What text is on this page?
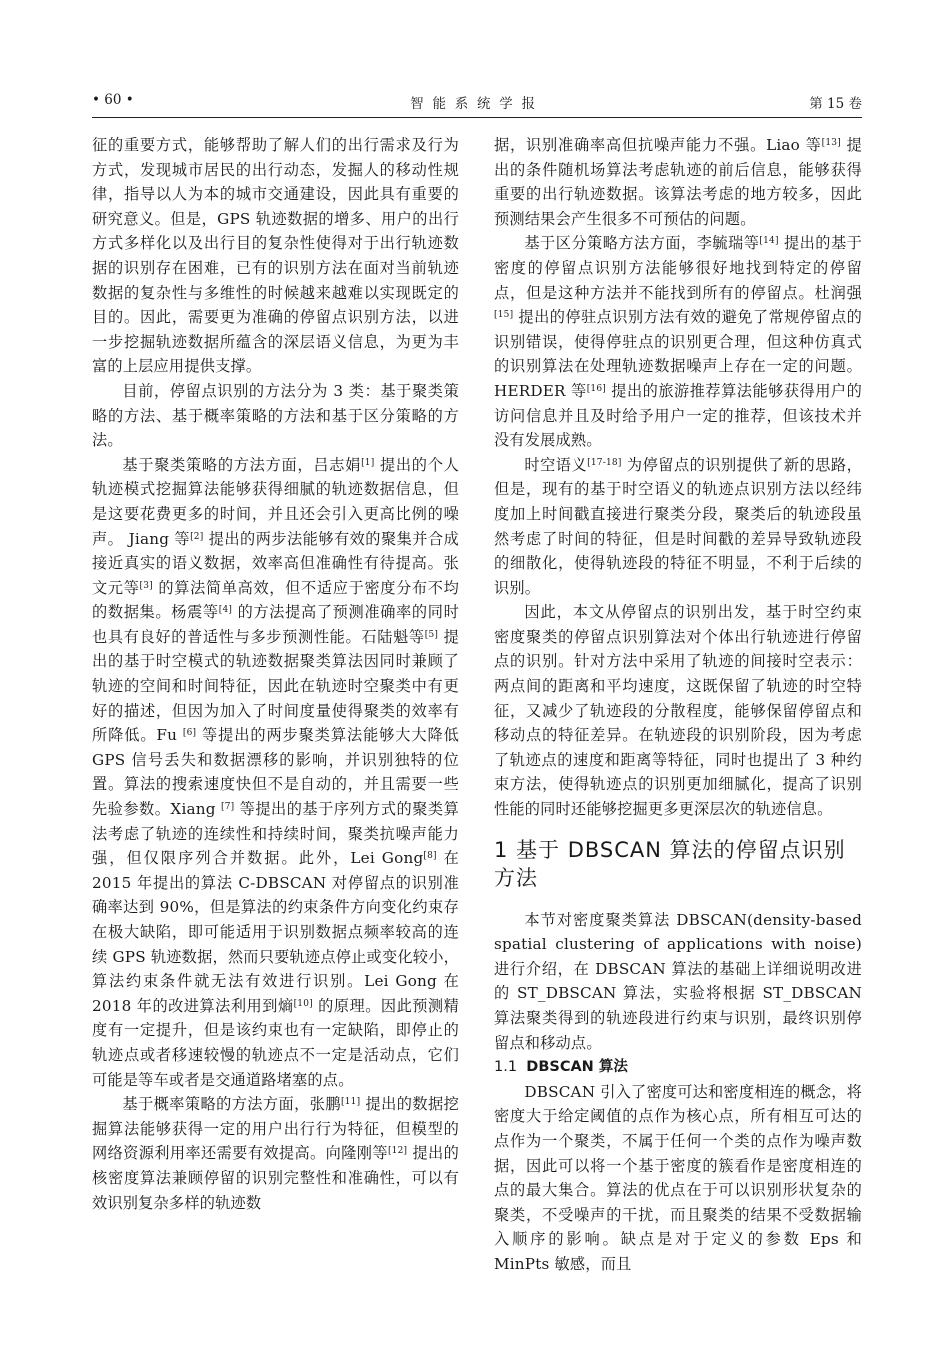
• 60 •	智能系统学报	第 15 卷

征的重要方式，能够帮助了解人们的出行需求及行为方式，发现城市居民的出行动态，发掘人的移动性规律，指导以人为本的城市交通建设，因此具有重要的研究意义。但是，GPS 轨迹数据的增多、用户的出行方式多样化以及出行目的复杂性使得对于出行轨迹数据的识别存在困难，已有的识别方法在面对当前轨迹数据的复杂性与多维性的时候越来越难以实现既定的目的。因此，需要更为准确的停留点识别方法，以进一步挖掘轨迹数据所蕴含的深层语义信息，为更为丰富的上层应用提供支撑。

目前，停留点识别的方法分为 3 类：基于聚类策略的方法、基于概率策略的方法和基于区分策略的方法。

基于聚类策略的方法方面，吕志娟[1] 提出的个人轨迹模式挖掘算法能够获得细腻的轨迹数据信息，但是这要花费更多的时间，并且还会引入更高比例的噪声。 Jiang 等[2] 提出的两步法能够有效的聚集并合成接近真实的语义数据，效率高但准确性有待提高。张文元等[3] 的算法简单高效，但不适应于密度分布不均的数据集。杨震等[4] 的方法提高了预测准确率的同时也具有良好的普适性与多步预测性能。石陆魁等[5] 提出的基于时空模式的轨迹数据聚类算法因同时兼顾了轨迹的空间和时间特征，因此在轨迹时空聚类中有更好的描述，但因为加入了时间度量使得聚类的效率有所降低。Fu [6] 等提出的两步聚类算法能够大大降低 GPS 信号丢失和数据漂移的影响，并识别独特的位置。算法的搜索速度快但不是自动的，并且需要一些先验参数。Xiang [7] 等提出的基于序列方式的聚类算法考虑了轨迹的连续性和持续时间，聚类抗噪声能力强，但仅限序列合并数据。此外，Lei Gong[8] 在 2015 年提出的算法 C-DBSCAN 对停留点的识别准确率达到 90%，但是算法的约束条件方向变化约束存在极大缺陷，即可能适用于识别数据点频率较高的连续 GPS 轨迹数据，然而只要轨迹点停止或变化较小，算法约束条件就无法有效进行识别。Lei Gong 在 2018 年的改进算法利用到熵[10] 的原理。因此预测精度有一定提升，但是该约束也有一定缺陷，即停止的轨迹点或者移速较慢的轨迹点不一定是活动点，它们可能是等车或者是交通道路堵塞的点。

基于概率策略的方法方面，张鹏[11] 提出的数据挖掘算法能够获得一定的用户出行行为特征，但模型的网络资源利用率还需要有效提高。向隆刚等[12] 提出的核密度算法兼顾停留的识别完整性和准确性，可以有效识别复杂多样的轨迹数

据，识别准确率高但抗噪声能力不强。Liao 等[13] 提出的条件随机场算法考虑轨迹的前后信息，能够获得重要的出行轨迹数据。该算法考虑的地方较多，因此预测结果会产生很多不可预估的问题。

基于区分策略方法方面，李毓瑞等[14] 提出的基于密度的停留点识别方法能够很好地找到特定的停留点，但是这种方法并不能找到所有的停留点。杜润强[15] 提出的停驻点识别方法有效的避免了常规停留点的识别错误，使得停驻点的识别更合理，但这种仿真式的识别算法在处理轨迹数据噪声上存在一定的问题。HERDER 等[16] 提出的旅游推荐算法能够获得用户的访问信息并且及时给予用户一定的推荐，但该技术并没有发展成熟。

时空语义[17-18] 为停留点的识别提供了新的思路，但是，现有的基于时空语义的轨迹点识别方法以经纬度加上时间戳直接进行聚类分段，聚类后的轨迹段虽然考虑了时间的特征，但是时间戳的差异导致轨迹段的细散化，使得轨迹段的特征不明显，不利于后续的识别。

因此，本文从停留点的识别出发，基于时空约束密度聚类的停留点识别算法对个体出行轨迹进行停留点的识别。针对方法中采用了轨迹的间接时空表示：两点间的距离和平均速度，这既保留了轨迹的时空特征，又减少了轨迹段的分散程度，能够保留停留点和移动点的特征差异。在轨迹段的识别阶段，因为考虑了轨迹点的速度和距离等特征，同时也提出了 3 种约束方法，使得轨迹点的识别更加细腻化，提高了识别性能的同时还能够挖掘更多更深层次的轨迹信息。

1 基于 DBSCAN 算法的停留点识别方法

本节对密度聚类算法 DBSCAN(density-based spatial clustering of applications with noise) 进行介绍，在 DBSCAN 算法的基础上详细说明改进的 ST_DBSCAN 算法，实验将根据 ST_DBSCAN 算法聚类得到的轨迹段进行约束与识别，最终识别停留点和移动点。

1.1 DBSCAN 算法

DBSCAN 引入了密度可达和密度相连的概念，将密度大于给定阈值的点作为核心点，所有相互可达的点作为一个聚类，不属于任何一个类的点作为噪声数据，因此可以将一个基于密度的簇看作是密度相连的点的最大集合。算法的优点在于可以识别形状复杂的聚类，不受噪声的干扰，而且聚类的结果不受数据输入顺序的影响。缺点是对于定义的参数 Eps 和 MinPts 敏感，而且
